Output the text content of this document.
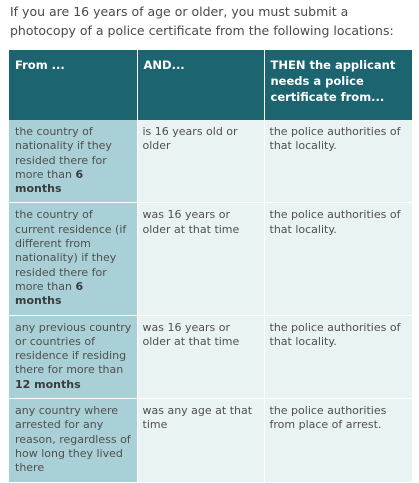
If you are 16 years of age or older, you must submit a photocopy of a police certificate from the following locations:
From ...	AND...	THEN the applicant needs a police certificate from...
the country of nationality if they resided there for more than 6 months	is 16 years old or older	the police authorities of that locality.
the country of current residence (if different from nationality) if they resided there for more than 6 months	was 16 years or older at that time	the police authorities of that locality.
any previous country or countries of residence if residing there for more than 12 months	was 16 years or older at that time	the police authorities of that locality.
any country where arrested for any reason, regardless of how long they lived there	was any age at that time	the police authorities from place of arrest.
